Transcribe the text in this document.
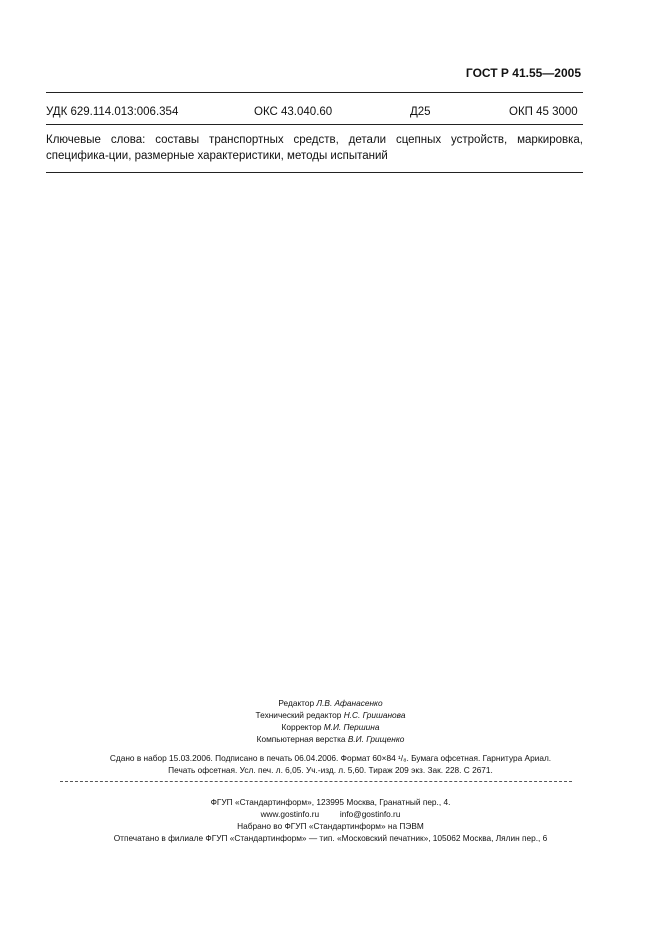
ГОСТ Р 41.55—2005
УДК 629.114.013:006.354	ОКС 43.040.60	Д25	ОКП 45 3000
Ключевые слова: составы транспортных средств, детали сцепных устройств, маркировка, специфика-ции, размерные характеристики, методы испытаний
Редактор Л.В. Афанасенко
Технический редактор Н.С. Гришанова
Корректор М.И. Першина
Компьютерная верстка В.И. Грищенко
Сдано в набор 15.03.2006. Подписано в печать 06.04.2006. Формат 60×84 ¹/₈. Бумага офсетная. Гарнитура Ариал.
Печать офсетная. Усл. печ. л. 6,05. Уч.-изд. л. 5,60. Тираж 209 экз. Зак. 228. С 2671.
ФГУП «Стандартинформ», 123995 Москва, Гранатный пер., 4.
www.gostinfo.ru	info@gostinfo.ru
Набрано во ФГУП «Стандартинформ» на ПЭВМ
Отпечатано в филиале ФГУП «Стандартинформ» — тип. «Московский печатник», 105062 Москва, Лялин пер., 6
